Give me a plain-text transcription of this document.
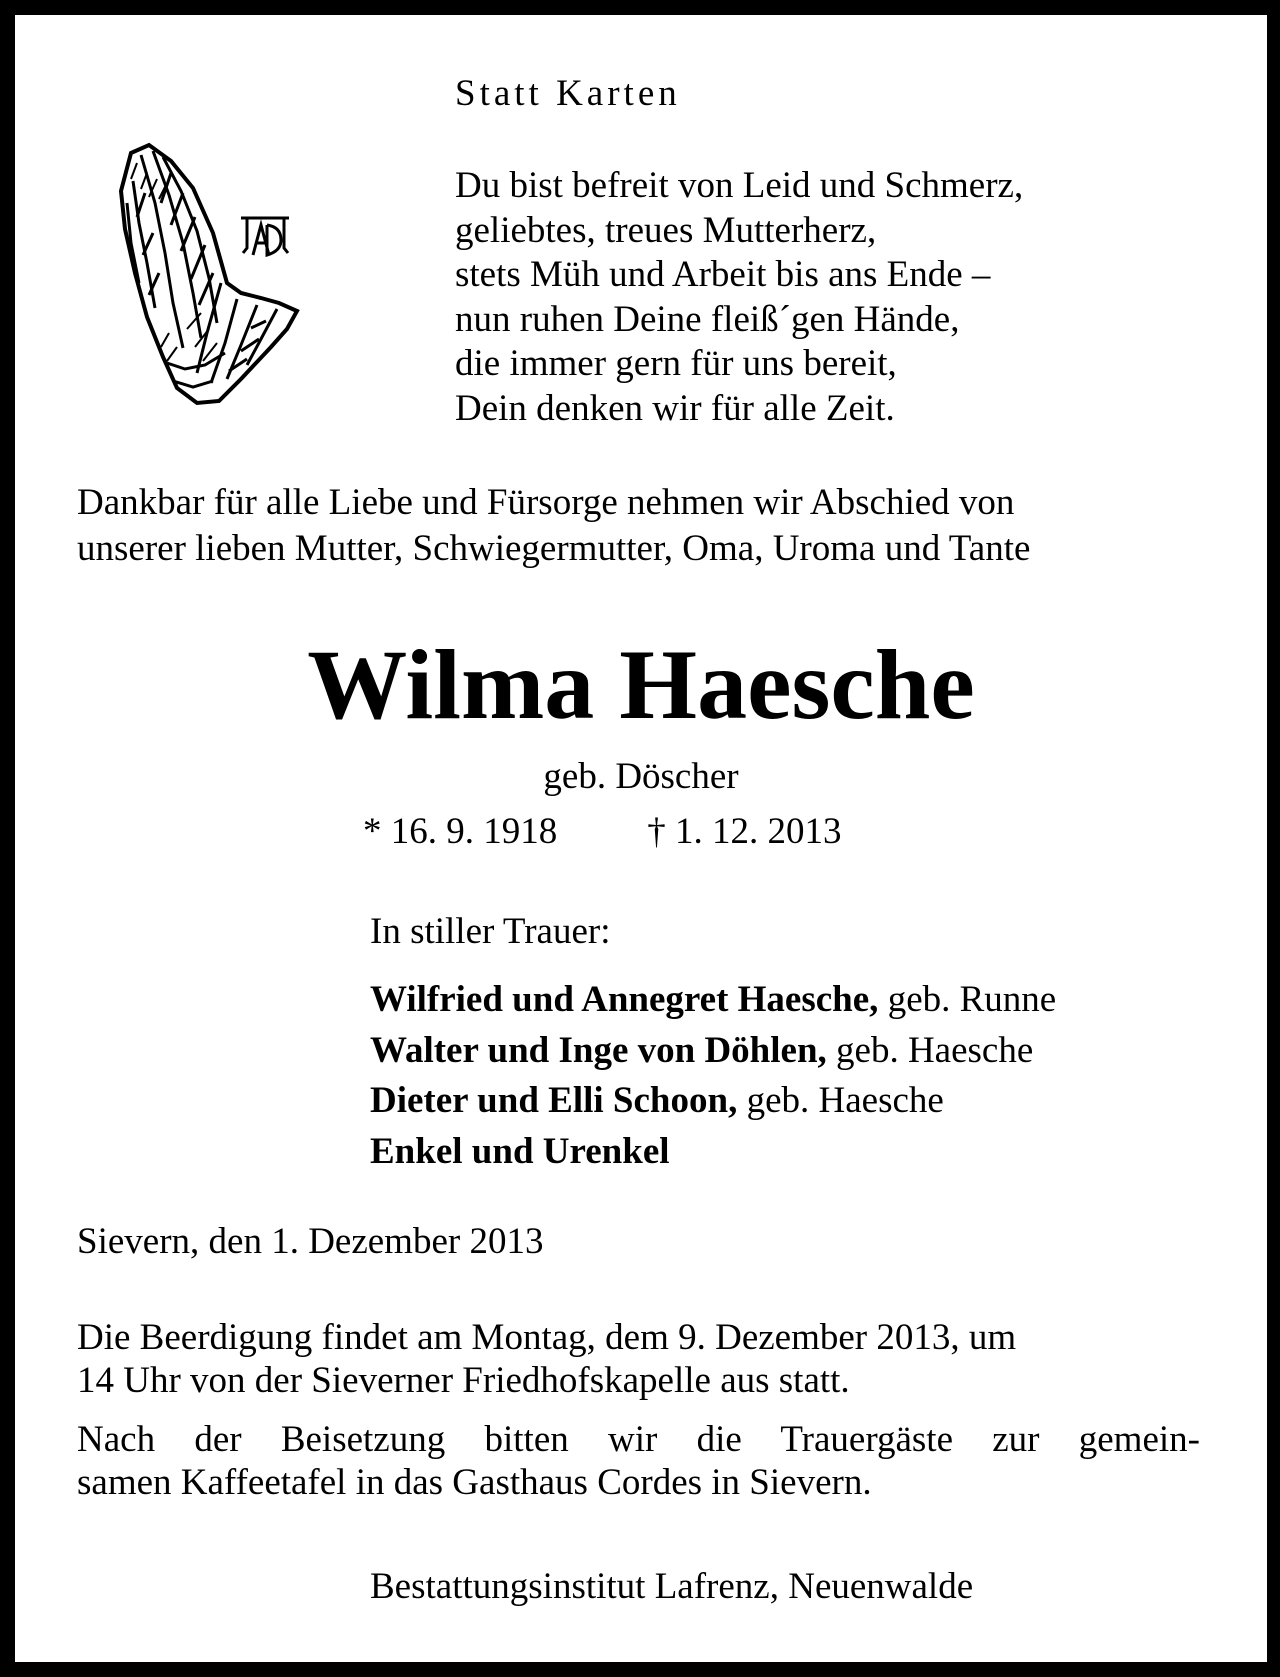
Statt Karten

Du bist befreit von Leid und Schmerz,
geliebtes, treues Mutterherz,
stets Müh und Arbeit bis ans Ende –
nun ruhen Deine fleiß´gen Hände,
die immer gern für uns bereit,
Dein denken wir für alle Zeit.
Dankbar für alle Liebe und Fürsorge nehmen wir Abschied von
unserer lieben Mutter, Schwiegermutter, Oma, Uroma und Tante
Wilma Haesche
geb. Döscher
* 16. 9. 1918 † 1. 12. 2013
In stiller Trauer:
Wilfried und Annegret Haesche, geb. Runne
Walter und Inge von Döhlen, geb. Haesche
Dieter und Elli Schoon, geb. Haesche
Enkel und Urenkel
Sievern, den 1. Dezember 2013
Die Beerdigung findet am Montag, dem 9. Dezember 2013, um
14 Uhr von der Sieverner Friedhofskapelle aus statt.
Nach der Beisetzung bitten wir die Trauergäste zur gemein-
samen Kaffeetafel in das Gasthaus Cordes in Sievern.
Bestattungsinstitut Lafrenz, Neuenwalde
